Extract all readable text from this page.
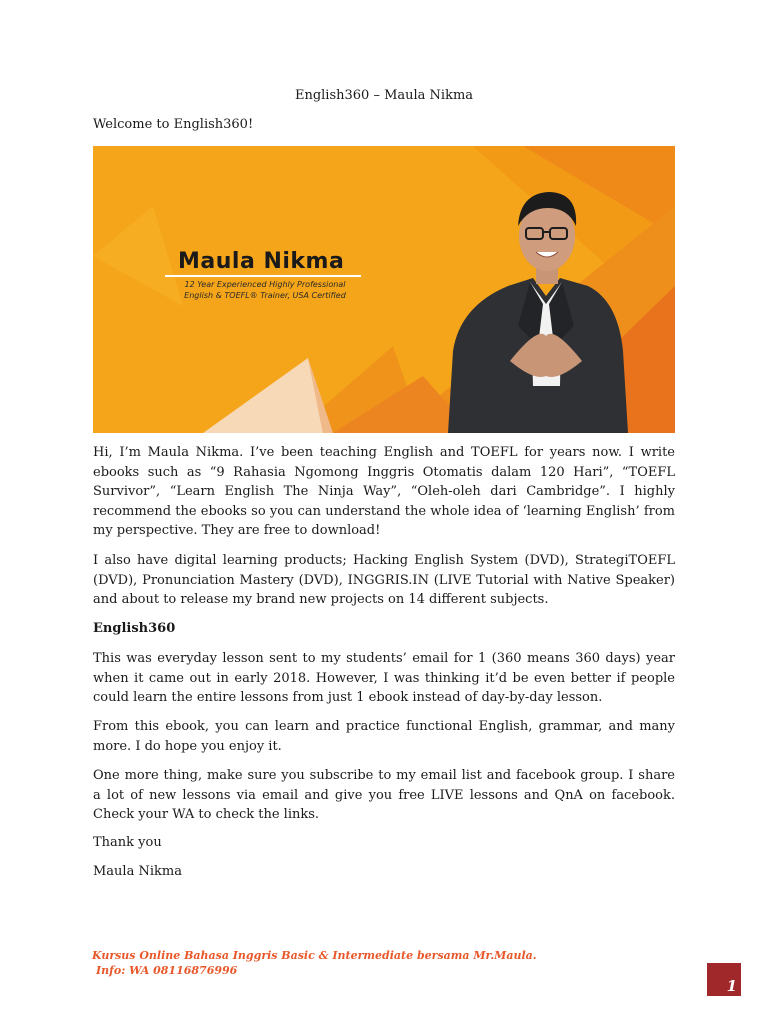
English360 – Maula Nikma
Welcome to English360!
Maula Nikma
12 Year Experienced Highly Professional
English & TOEFL® Trainer, USA Certified

Hi, I’m Maula Nikma. I’ve been teaching English and TOEFL for years now. I write ebooks such as “9 Rahasia Ngomong Inggris Otomatis dalam 120 Hari”, “TOEFL Survivor”, “Learn English The Ninja Way”, “Oleh-oleh dari Cambridge”. I highly recommend the ebooks so you can understand the whole idea of ‘learning English’ from my perspective. They are free to download!

I also have digital learning products; Hacking English System (DVD), StrategiTOEFL (DVD), Pronunciation Mastery (DVD), INGGRIS.IN (LIVE Tutorial with Native Speaker) and about to release my brand new projects on 14 different subjects.

English360

This was everyday lesson sent to my students’ email for 1 (360 means 360 days) year when it came out in early 2018. However, I was thinking it’d be even better if people could learn the entire lessons from just 1 ebook instead of day-by-day lesson.

From this ebook, you can learn and practice functional English, grammar, and many more. I do hope you enjoy it.

One more thing, make sure you subscribe to my email list and facebook group. I share a lot of new lessons via email and give you free LIVE lessons and QnA on facebook. Check your WA to check the links.

Thank you
Maula Nikma
Kursus Online Bahasa Inggris Basic & Intermediate bersama Mr.Maula.
Info: WA 08116876996
1
